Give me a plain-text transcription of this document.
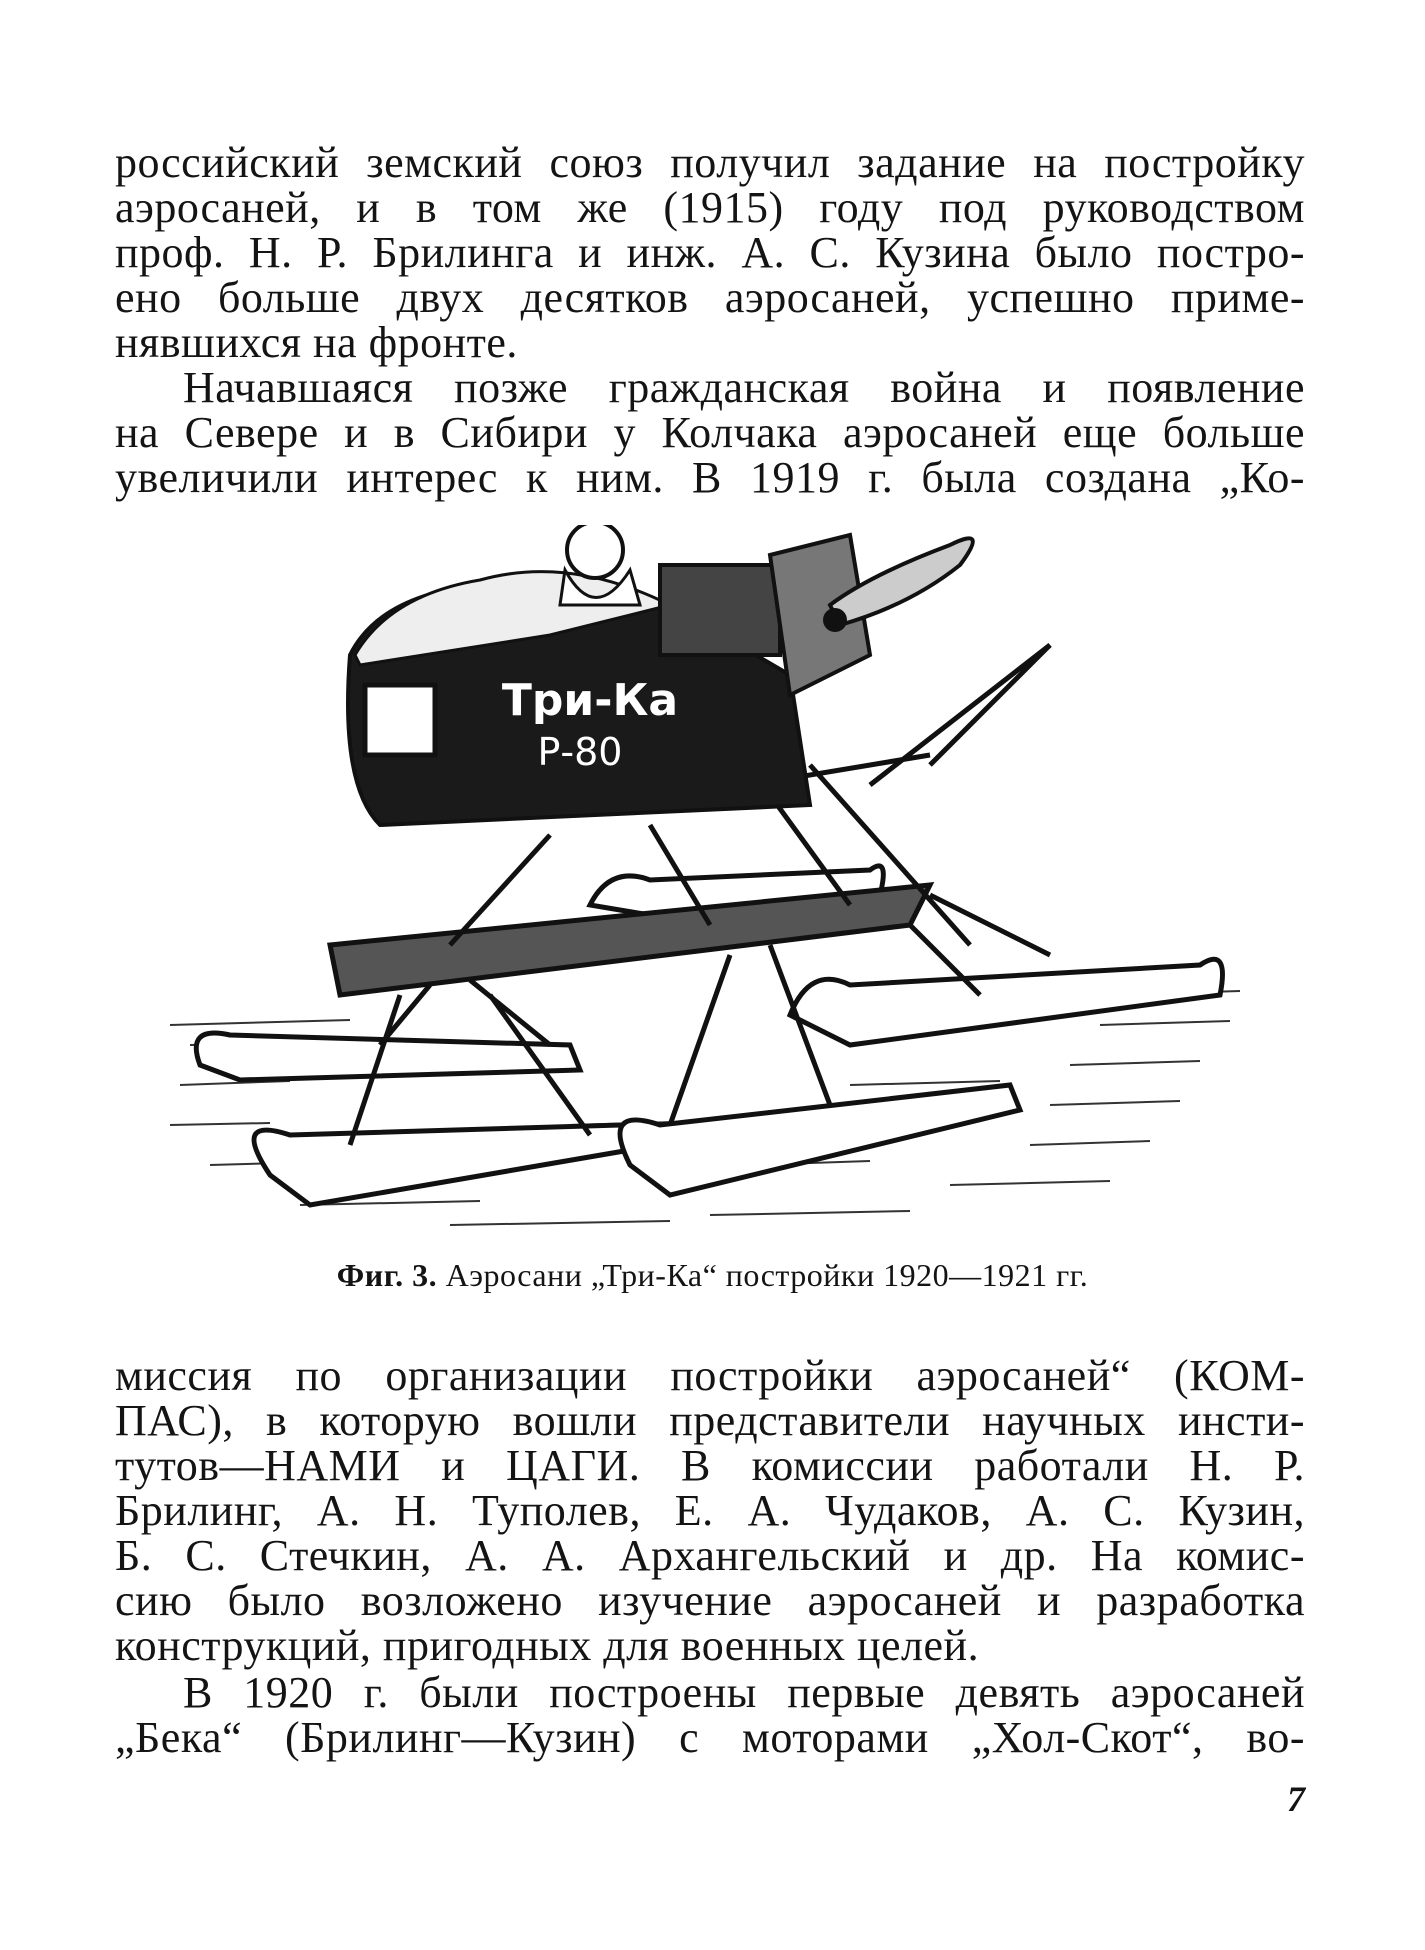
российский земский союз получил задание на постройку
аэросаней, и в том же (1915) году под руководством
проф. Н. Р. Брилинга и инж. А. С. Кузина было постро-
ено больше двух десятков аэросаней, успешно приме-
нявшихся на фронте.

Начавшаяся позже гражданская война и появление
на Севере и в Сибири у Колчака аэросаней еще больше
увеличили интерес к ним. В 1919 г. была создана „Ко-

Три-Ка
Р-80
Фиг. 3. Аэросани „Три-Ка“ постройки 1920—1921 гг.

миссия по организации постройки аэросаней“ (КОМ-
ПАС), в которую вошли представители научных инсти-
тутов—НАМИ и ЦАГИ. В комиссии работали Н. Р.
Брилинг, А. Н. Туполев, Е. А. Чудаков, А. С. Кузин,
Б. С. Стечкин, А. А. Архангельский и др. На комис-
сию было возложено изучение аэросаней и разработка
конструкций, пригодных для военных целей.

В 1920 г. были построены первые девять аэросаней
„Бека“ (Брилинг—Кузин) с моторами „Хол-Скот“, во-

7
